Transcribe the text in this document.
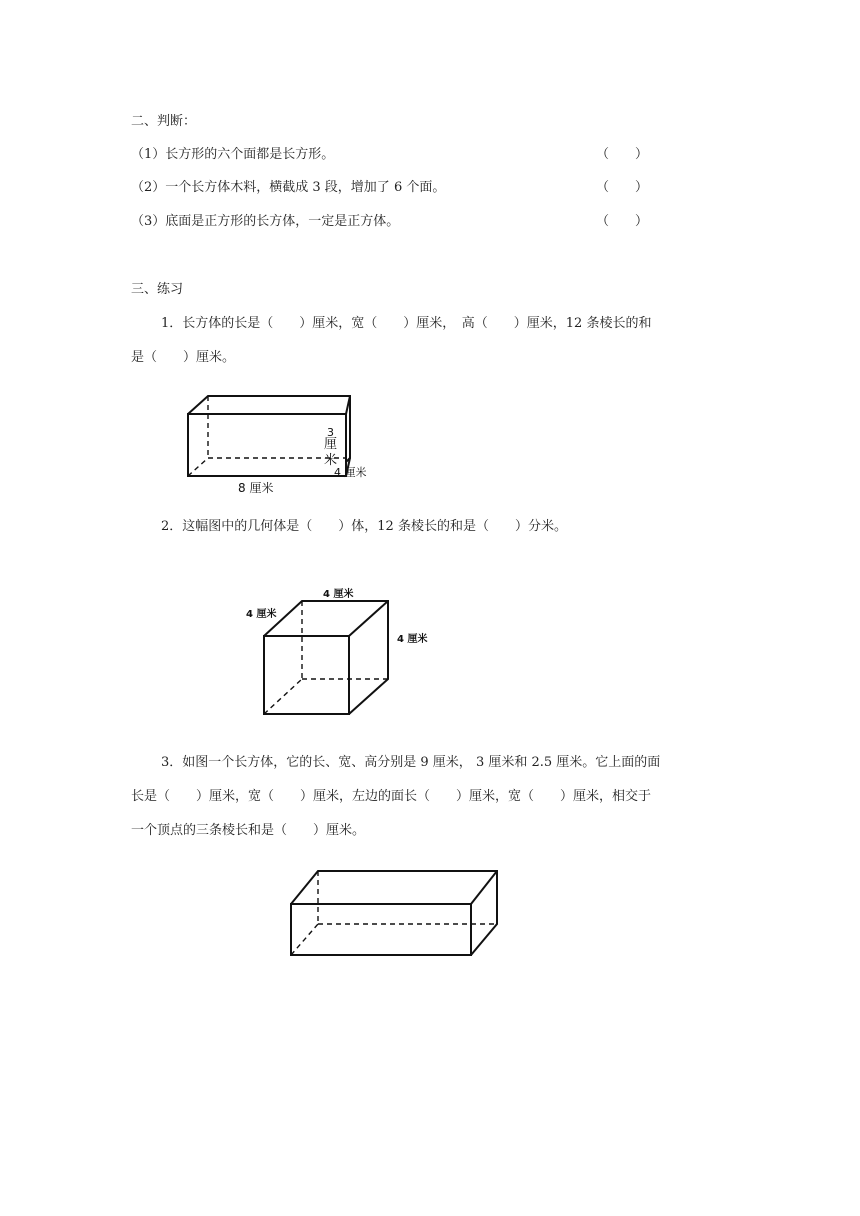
二、判断：
（1）长方形的六个面都是长方形。	（　　）
（2）一个长方体木料，横截成 3 段，增加了 6 个面。	（　　）
（3）底面是正方形的长方体，一定是正方体。	（　　）
三、练习
1．长方体的长是（　　）厘米，宽（　　）厘米，　高（　　）厘米，12 条棱长的和
是（　　）厘米。
3
厘
米
4 厘米
8 厘米
2．这幅图中的几何体是（　　）体，12 条棱长的和是（　　）分米。
4 厘米
4 厘米
4 厘米
3．如图一个长方体，它的长、宽、高分别是 9 厘米， 3 厘米和 2.5 厘米。它上面的面
长是（　　）厘米，宽（　　）厘米，左边的面长（　　）厘米，宽（　　）厘米，相交于
一个顶点的三条棱长和是（　　）厘米。
